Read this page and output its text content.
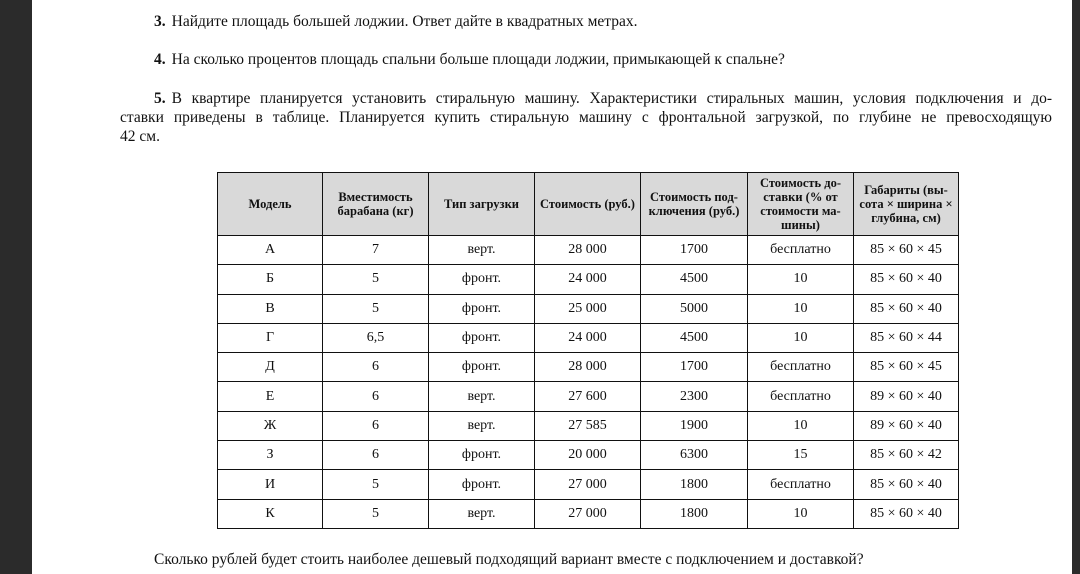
3. Найдите площадь большей лоджии. Ответ дайте в квадратных метрах.
4. На сколько процентов площадь спальни больше площади лоджии, примыкающей к спальне?
5. В квартире планируется установить стиральную машину. Характеристики стиральных машин, условия подключения и до-
ставки приведены в таблице. Планируется купить стиральную машину с фронтальной загрузкой, по глубине не превосходящую
42 см.
Модель	Вместимость барабана (кг)	Тип загрузки	Стоимость (руб.)	Стоимость под-ключения (руб.)	Стоимость до-ставки (% от стоимости ма-шины)	Габариты (вы-сота × ширина × глубина, см)
А	7	верт.	28 000	1700	бесплатно	85 × 60 × 45
Б	5	фронт.	24 000	4500	10	85 × 60 × 40
В	5	фронт.	25 000	5000	10	85 × 60 × 40
Г	6,5	фронт.	24 000	4500	10	85 × 60 × 44
Д	6	фронт.	28 000	1700	бесплатно	85 × 60 × 45
Е	6	верт.	27 600	2300	бесплатно	89 × 60 × 40
Ж	6	верт.	27 585	1900	10	89 × 60 × 40
З	6	фронт.	20 000	6300	15	85 × 60 × 42
И	5	фронт.	27 000	1800	бесплатно	85 × 60 × 40
К	5	верт.	27 000	1800	10	85 × 60 × 40
Сколько рублей будет стоить наиболее дешевый подходящий вариант вместе с подключением и доставкой?
